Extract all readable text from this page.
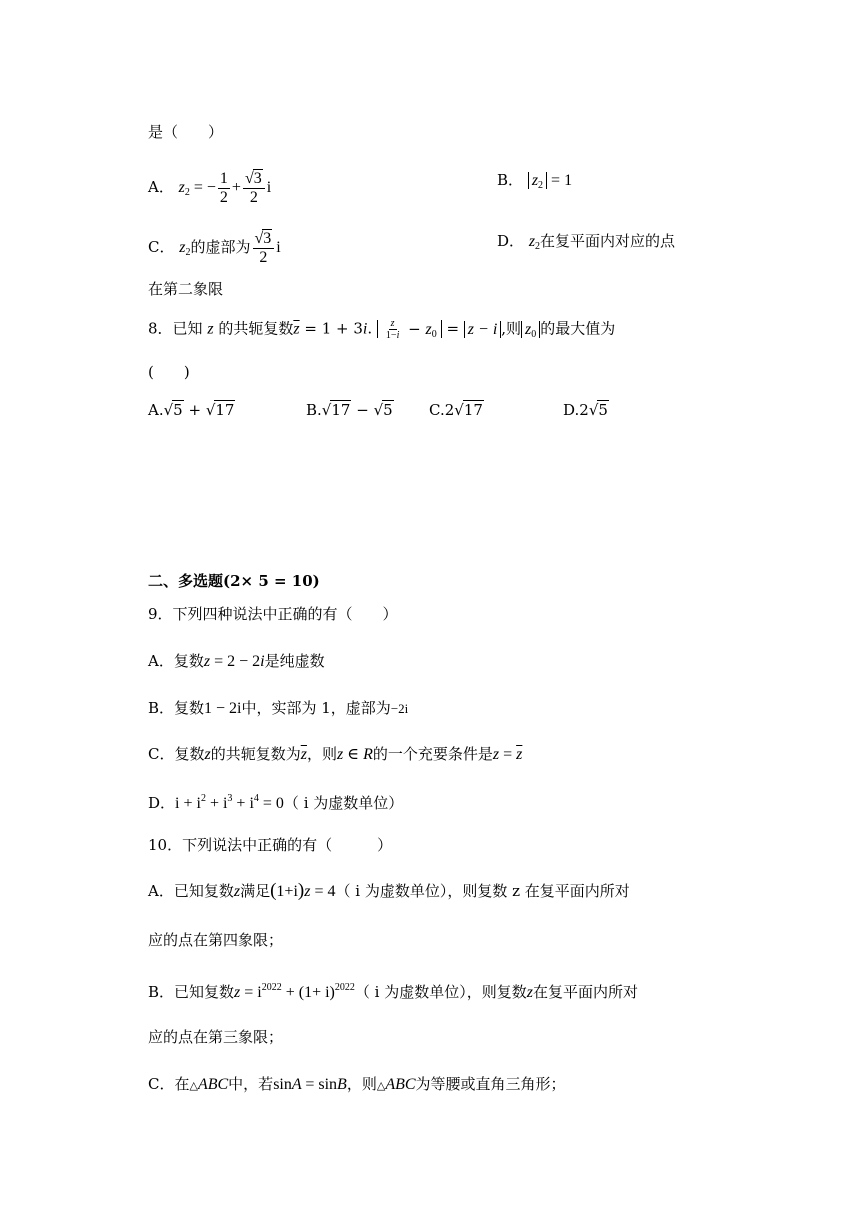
是（　　）
A． $z_2$ = − $\frac{1}{2} + \frac{√3}{2}$ i	B． $z_2 = 1$
C． $z_2$的虚部为 $\frac{√3}{2}$ i	D． $z_2$在复平面内对应的点
在第二象限
8．已知 z 的共轭复数$\overline{z} = 1 + 3i$. $\frac{z}{1-i} - z_0 = z - i$ ,则 $z_0$ 的最大值为
(　　)
A.√5 + √17	B.√17 − √5 C.2√17	D.2√5
二、多选题(2× 5 = 10)
9．下列四种说法中正确的有（　　）
A．复数z = 2 − 2i是纯虚数
B．复数1 − 2i中，实部为 1，虚部为−2i
C．复数z的共轭复数为$\overline{z}$，则z ∈ R的一个充要条件是$z = \overline{z}$
D．$i + i^2 + i^3 + i^4 = 0$（ i 为虚数单位）
10．下列说法中正确的有（　　　）
A．已知复数z满足(1+i)z = 4（ i 为虚数单位），则复数 z 在复平面内所对
应的点在第四象限；
B．已知复数$z = i^{2022} + (1+ i)^{2022}$（ i 为虚数单位），则复数z在复平面内所对
应的点在第三象限；
C．在△ABC中，若sinA = sinB，则△ABC为等腰或直角三角形；
